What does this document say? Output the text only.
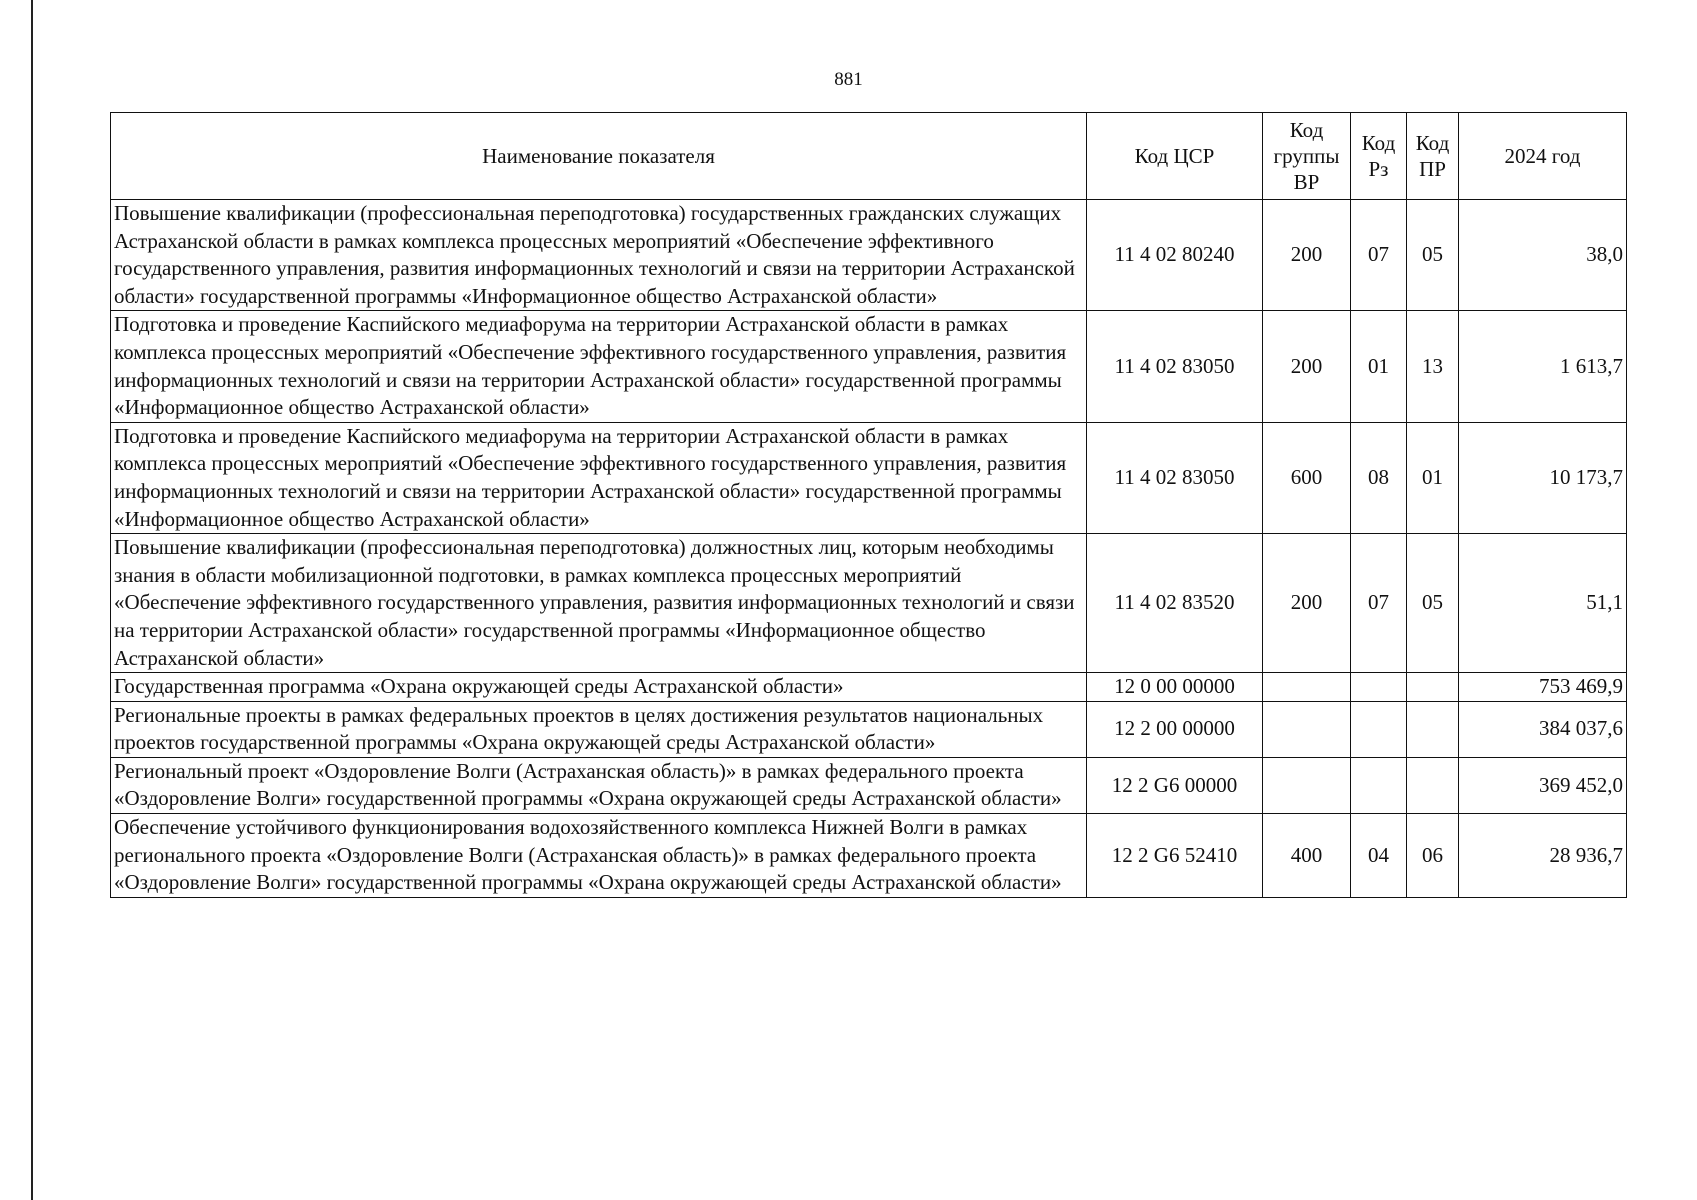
881
Наименование показателя	Код ЦСР	Код группы ВР	Код Рз	Код ПР	2024 год
Повышение квалификации (профессиональная переподготовка) государственных гражданских служащих Астраханской области в рамках комплекса процессных мероприятий «Обеспечение эффективного государственного управления, развития информационных технологий и связи на территории Астраханской области» государственной программы «Информационное общество Астраханской области»	11 4 02 80240	200	07	05	38,0
Подготовка и проведение Каспийского медиафорума на территории Астраханской области в рамках комплекса процессных мероприятий «Обеспечение эффективного государственного управления, развития информационных технологий и связи на территории Астраханской области» государственной программы «Информационное общество Астраханской области»	11 4 02 83050	200	01	13	1 613,7
Подготовка и проведение Каспийского медиафорума на территории Астраханской области в рамках комплекса процессных мероприятий «Обеспечение эффективного государственного управления, развития информационных технологий и связи на территории Астраханской области» государственной программы «Информационное общество Астраханской области»	11 4 02 83050	600	08	01	10 173,7
Повышение квалификации (профессиональная переподготовка) должностных лиц, которым необходимы знания в области мобилизационной подготовки, в рамках комплекса процессных мероприятий «Обеспечение эффективного государственного управления, развития информационных технологий и связи на территории Астраханской области» государственной программы «Информационное общество Астраханской области»	11 4 02 83520	200	07	05	51,1
Государственная программа «Охрана окружающей среды Астраханской области»	12 0 00 00000				753 469,9
Региональные проекты в рамках федеральных проектов в целях достижения результатов национальных проектов государственной программы «Охрана окружающей среды Астраханской области»	12 2 00 00000				384 037,6
Региональный проект «Оздоровление Волги (Астраханская область)» в рамках федерального проекта «Оздоровление Волги» государственной программы «Охрана окружающей среды Астраханской области»	12 2 G6 00000				369 452,0
Обеспечение устойчивого функционирования водохозяйственного комплекса Нижней Волги в рамках регионального проекта «Оздоровление Волги (Астраханская область)» в рамках федерального проекта «Оздоровление Волги» государственной программы «Охрана окружающей среды Астраханской области»	12 2 G6 52410	400	04	06	28 936,7
